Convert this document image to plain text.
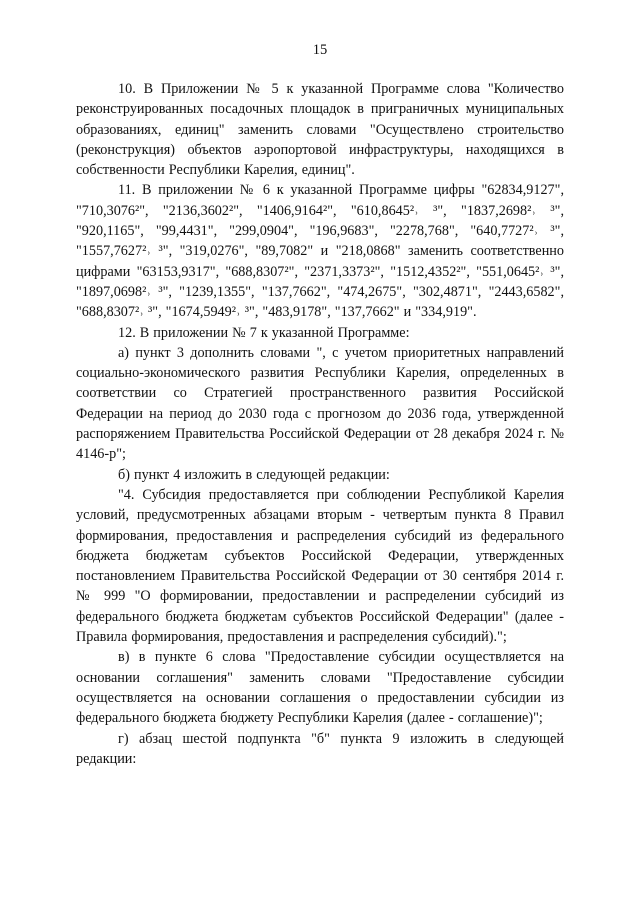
15

10. В Приложении № 5 к указанной Программе слова "Количество реконструированных посадочных площадок в приграничных муниципальных образованиях, единиц" заменить словами "Осуществлено строительство (реконструкция) объектов аэропортовой инфраструктуры, находящихся в собственности Республики Карелия, единиц".

11. В приложении № 6 к указанной Программе цифры "62834,9127", "710,3076²", "2136,3602²", "1406,9164²", "610,8645²˒ ³", "1837,2698²˒ ³", "920,1165", "99,4431", "299,0904", "196,9683", "2278,768", "640,7727²˒ ³", "1557,7627²˒ ³", "319,0276", "89,7082" и "218,0868" заменить соответственно цифрами "63153,9317", "688,8307²", "2371,3373²", "1512,4352²", "551,0645²˒ ³", "1897,0698²˒ ³", "1239,1355", "137,7662", "474,2675", "302,4871", "2443,6582", "688,8307²˒ ³", "1674,5949²˒ ³", "483,9178", "137,7662" и "334,919".

12. В приложении № 7 к указанной Программе:

а) пункт 3 дополнить словами ", с учетом приоритетных направлений социально-экономического развития Республики Карелия, определенных в соответствии со Стратегией пространственного развития Российской Федерации на период до 2030 года с прогнозом до 2036 года, утвержденной распоряжением Правительства Российской Федерации от 28 декабря 2024 г. № 4146-р";

б) пункт 4 изложить в следующей редакции:

"4. Субсидия предоставляется при соблюдении Республикой Карелия условий, предусмотренных абзацами вторым - четвертым пункта 8 Правил формирования, предоставления и распределения субсидий из федерального бюджета бюджетам субъектов Российской Федерации, утвержденных постановлением Правительства Российской Федерации от 30 сентября 2014 г. № 999 "О формировании, предоставлении и распределении субсидий из федерального бюджета бюджетам субъектов Российской Федерации" (далее - Правила формирования, предоставления и распределения субсидий).";

в) в пункте 6 слова "Предоставление субсидии осуществляется на основании соглашения" заменить словами "Предоставление субсидии осуществляется на основании соглашения о предоставлении субсидии из федерального бюджета бюджету Республики Карелия (далее - соглашение)";

г) абзац шестой подпункта "б" пункта 9 изложить в следующей редакции:
